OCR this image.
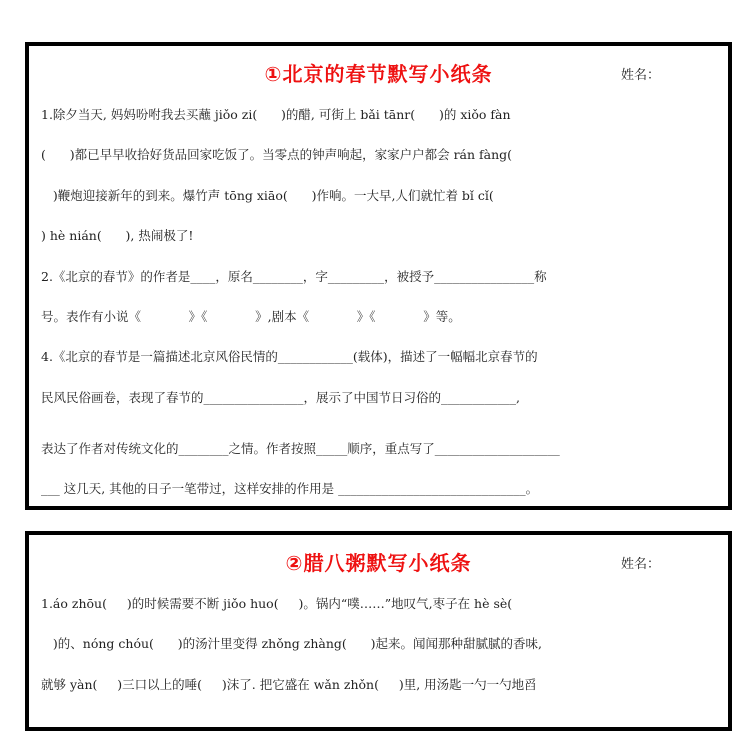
①北京的春节默写小纸条	姓名：
1.除夕当天, 妈妈吩咐我去买蘸 jiǒo zi(      )的醋, 可街上 bǎi tānr(      )的 xiǒo fàn
(      )都已早早收拾好货品回家吃饭了。当零点的钟声响起，家家户户都会 rán fàng(
)鞭炮迎接新年的到来。爆竹声 tōng xiāo(      )作响。一大早,人们就忙着 bǐ cǐ(
) hè nián(      ), 热闹极了!
2.《北京的春节》的作者是____，原名________，字_________，被授予________________称
号。表作有小说《            》《            》,剧本《            》《            》等。
4.《北京的春节是一篇描述北京风俗民情的____________(载体)，描述了一幅幅北京春节的
民风民俗画卷，表现了春节的________________，展示了中国节日习俗的____________,
表达了作者对传统文化的________之情。作者按照_____顺序，重点写了____________________
___ 这几天, 其他的日子一笔带过，这样安排的作用是 ______________________________。
②腊八粥默写小纸条	姓名：
1.áo zhōu(     )的时候需要不断 jiǒo huo(     )。锅内“噗……”地叹气,枣子在 hè sè(
)的、nóng chóu(      )的汤汁里变得 zhǒng zhàng(      )起来。闻闻那种甜腻腻的香味,
就够 yàn(     )三口以上的唾(     )沫了. 把它盛在 wǎn zhǒn(     )里, 用汤匙一勺一勺地舀
